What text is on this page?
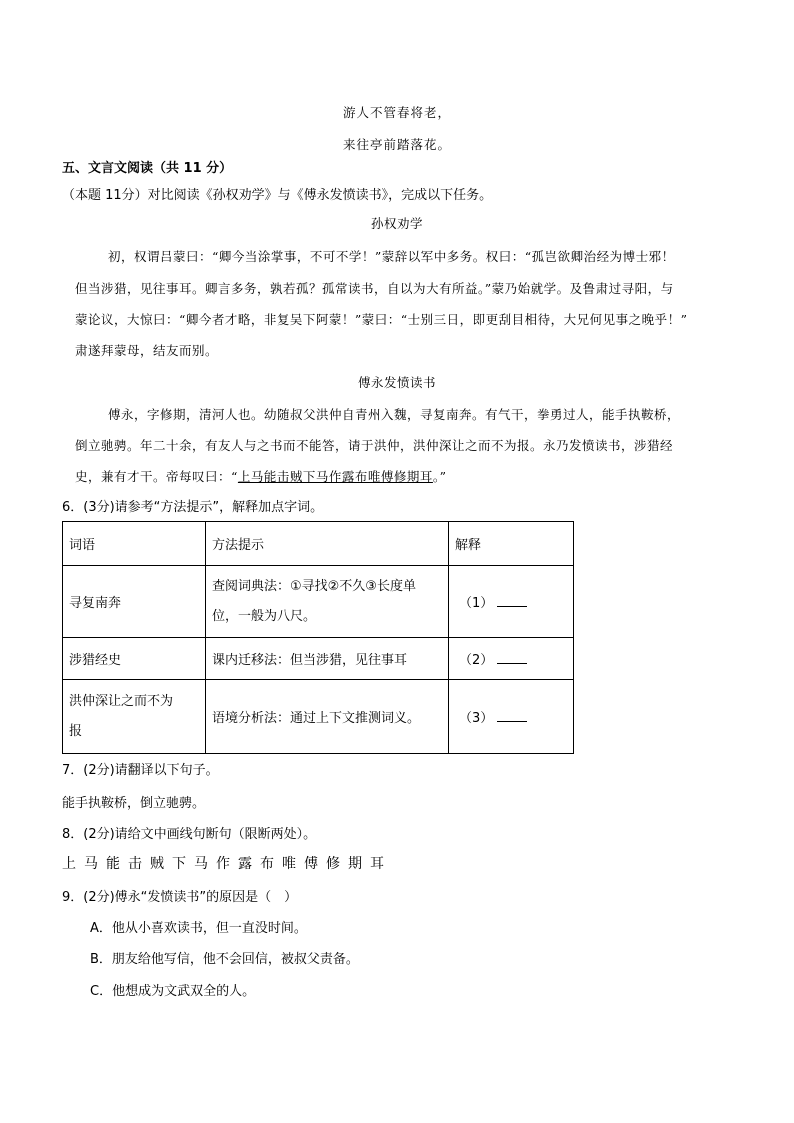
游人不管春将老，
来往亭前踏落花。
五、文言文阅读（共 11 分）
（本题 11分）对比阅读《孙权劝学》与《傅永发愤读书》，完成以下任务。
孙权劝学
初，权谓吕蒙曰：“卿今当涂掌事，不可不学！”蒙辞以军中多务。权曰：“孤岂欲卿治经为博士邪！
但当涉猎，见往事耳。卿言多务，孰若孤？孤常读书，自以为大有所益。”蒙乃始就学。及鲁肃过寻阳，与
蒙论议，大惊曰：“卿今者才略，非复吴下阿蒙！”蒙曰：“士别三日，即更刮目相待，大兄何见事之晚乎！”
肃遂拜蒙母，结友而别。
傅永发愤读书
傅永，字修期，清河人也。幼随叔父洪仲自青州入魏，寻复南奔。有气干，拳勇过人，能手执鞍桥，
倒立驰骋。年二十余，有友人与之书而不能答，请于洪仲，洪仲深让之而不为报。永乃发愤读书，涉猎经
史，兼有才干。帝每叹曰：“上马能击贼下马作露布唯傅修期耳。”
6．(3分)请参考“方法提示”，解释加点字词。
词语	方法提示	解释
寻复南奔	查阅词典法：①寻找②不久③长度单
位，一般为八尺。	（1）
涉猎经史	课内迁移法：但当涉猎，见往事耳	（2）

洪仲深让之而不为
报	语境分析法：通过上下文推测词义。	（3）
7．(2分)请翻译以下句子。
能手执鞍桥，倒立驰骋。
8．(2分)请给文中画线句断句（限断两处）。
上马能击贼下马作露布唯傅修期耳
9．(2分)傅永“发愤读书”的原因是（　）
A．他从小喜欢读书，但一直没时间。
B．朋友给他写信，他不会回信，被叔父责备。
C．他想成为文武双全的人。
